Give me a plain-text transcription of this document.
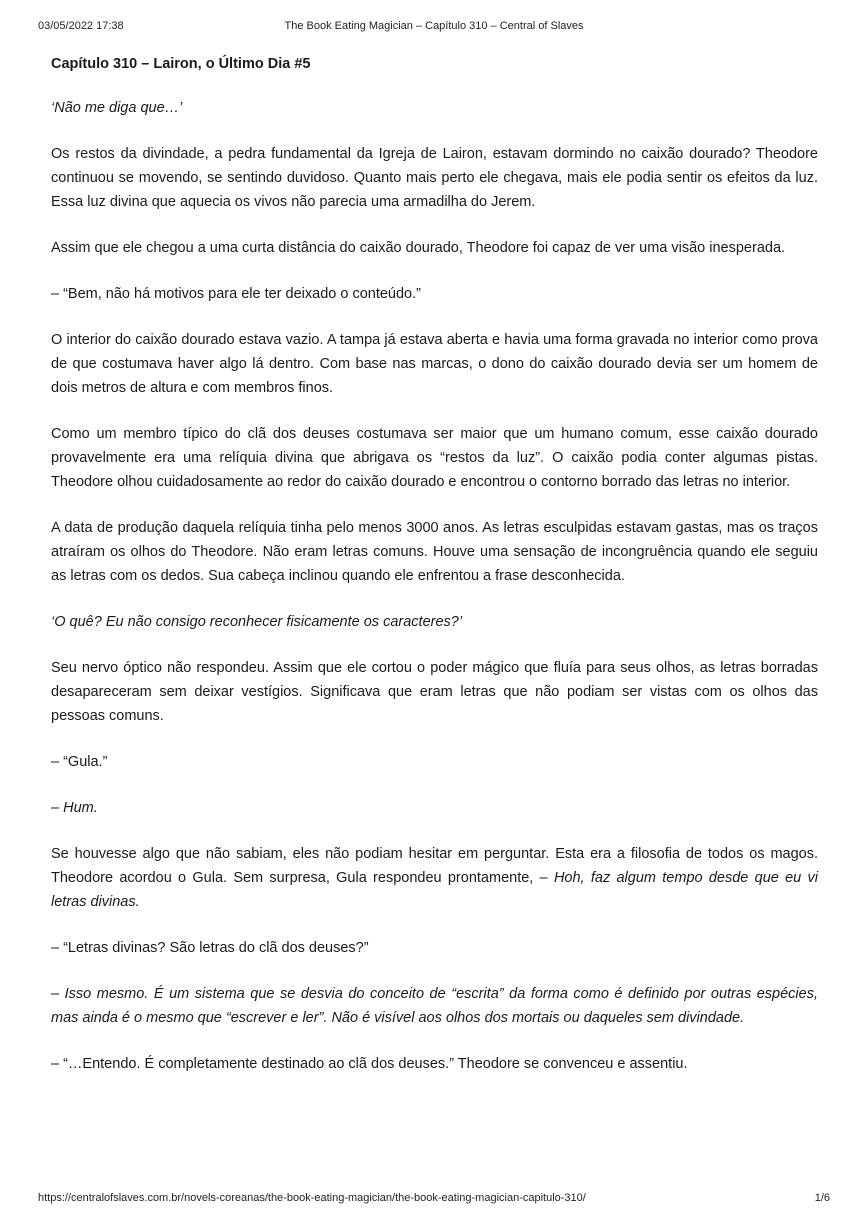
03/05/2022 17:38	The Book Eating Magician – Capítulo 310 – Central of Slaves
Capítulo 310 – Lairon, o Último Dia #5

‘Não me diga que…’

Os restos da divindade, a pedra fundamental da Igreja de Lairon, estavam dormindo no caixão dourado? Theodore continuou se movendo, se sentindo duvidoso. Quanto mais perto ele chegava, mais ele podia sentir os efeitos da luz. Essa luz divina que aquecia os vivos não parecia uma armadilha do Jerem.

Assim que ele chegou a uma curta distância do caixão dourado, Theodore foi capaz de ver uma visão inesperada.

– “Bem, não há motivos para ele ter deixado o conteúdo.”

O interior do caixão dourado estava vazio. A tampa já estava aberta e havia uma forma gravada no interior como prova de que costumava haver algo lá dentro. Com base nas marcas, o dono do caixão dourado devia ser um homem de dois metros de altura e com membros finos.

Como um membro típico do clã dos deuses costumava ser maior que um humano comum, esse caixão dourado provavelmente era uma relíquia divina que abrigava os “restos da luz”. O caixão podia conter algumas pistas. Theodore olhou cuidadosamente ao redor do caixão dourado e encontrou o contorno borrado das letras no interior.

A data de produção daquela relíquia tinha pelo menos 3000 anos. As letras esculpidas estavam gastas, mas os traços atraíram os olhos do Theodore. Não eram letras comuns. Houve uma sensação de incongruência quando ele seguiu as letras com os dedos. Sua cabeça inclinou quando ele enfrentou a frase desconhecida.

‘O quê? Eu não consigo reconhecer fisicamente os caracteres?’

Seu nervo óptico não respondeu. Assim que ele cortou o poder mágico que fluía para seus olhos, as letras borradas desapareceram sem deixar vestígios. Significava que eram letras que não podiam ser vistas com os olhos das pessoas comuns.

– “Gula.”

– Hum.

Se houvesse algo que não sabiam, eles não podiam hesitar em perguntar. Esta era a filosofia de todos os magos. Theodore acordou o Gula. Sem surpresa, Gula respondeu prontamente, – Hoh, faz algum tempo desde que eu vi letras divinas.

– “Letras divinas? São letras do clã dos deuses?”

– Isso mesmo. É um sistema que se desvia do conceito de “escrita” da forma como é definido por outras espécies, mas ainda é o mesmo que “escrever e ler”. Não é visível aos olhos dos mortais ou daqueles sem divindade.

– “…Entendo. É completamente destinado ao clã dos deuses.” Theodore se convenceu e assentiu.

https://centralofslaves.com.br/novels-coreanas/the-book-eating-magician/the-book-eating-magician-capitulo-310/	1/6
